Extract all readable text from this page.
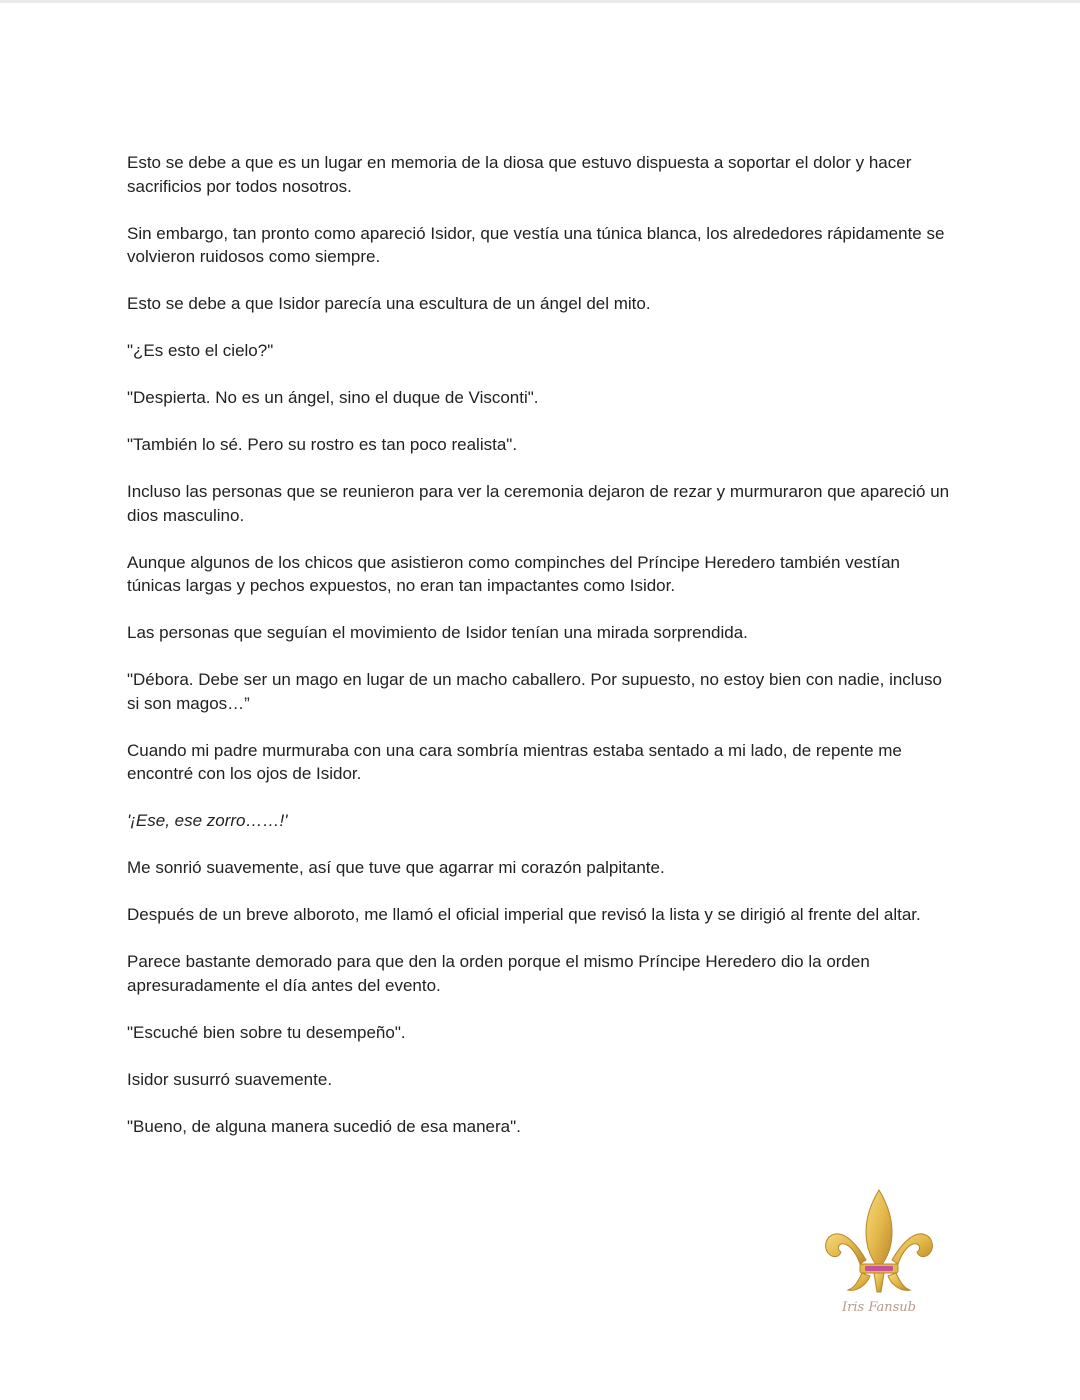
Esto se debe a que es un lugar en memoria de la diosa que estuvo dispuesta a soportar el dolor y hacer sacrificios por todos nosotros.

Sin embargo, tan pronto como apareció Isidor, que vestía una túnica blanca, los alrededores rápidamente se volvieron ruidosos como siempre.

Esto se debe a que Isidor parecía una escultura de un ángel del mito.

"¿Es esto el cielo?"

"Despierta. No es un ángel, sino el duque de Visconti".

"También lo sé. Pero su rostro es tan poco realista".

Incluso las personas que se reunieron para ver la ceremonia dejaron de rezar y murmuraron que apareció un dios masculino.

Aunque algunos de los chicos que asistieron como compinches del Príncipe Heredero también vestían túnicas largas y pechos expuestos, no eran tan impactantes como Isidor.

Las personas que seguían el movimiento de Isidor tenían una mirada sorprendida.

"Débora. Debe ser un mago en lugar de un macho caballero. Por supuesto, no estoy bien con nadie, incluso si son magos…”

Cuando mi padre murmuraba con una cara sombría mientras estaba sentado a mi lado, de repente me encontré con los ojos de Isidor.

'¡Ese, ese zorro……!'

Me sonrió suavemente, así que tuve que agarrar mi corazón palpitante.

Después de un breve alboroto, me llamó el oficial imperial que revisó la lista y se dirigió al frente del altar.

Parece bastante demorado para que den la orden porque el mismo Príncipe Heredero dio la orden apresuradamente el día antes del evento.

"Escuché bien sobre tu desempeño".

Isidor susurró suavemente.

"Bueno, de alguna manera sucedió de esa manera".

Iris Fansub
